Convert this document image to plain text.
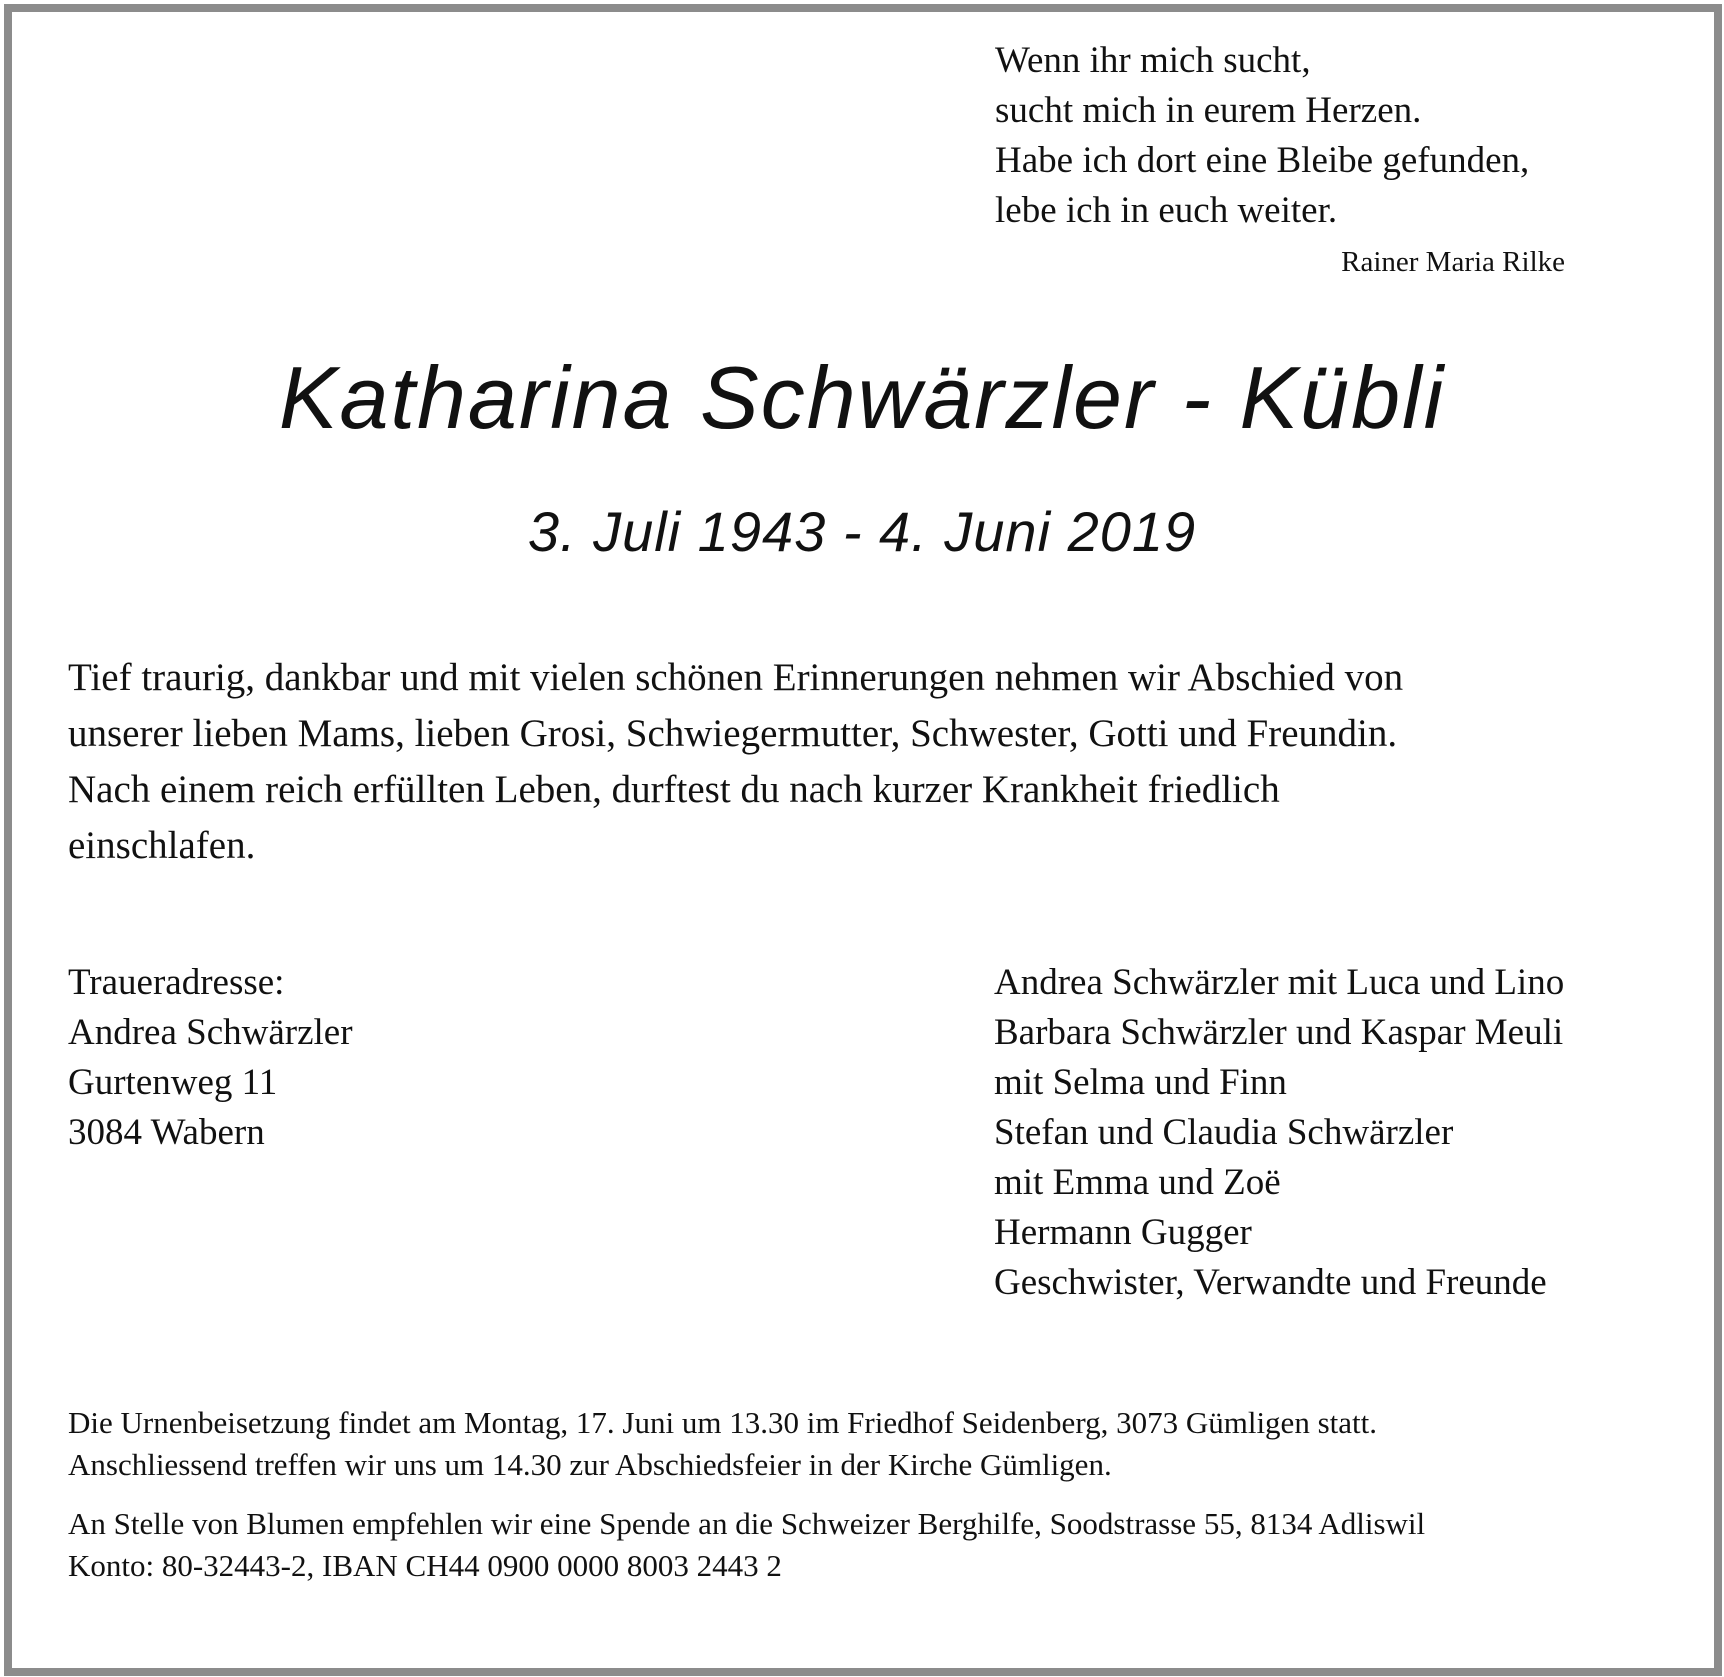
Wenn ihr mich sucht,
sucht mich in eurem Herzen.
Habe ich dort eine Bleibe gefunden,
lebe ich in euch weiter.
Rainer Maria Rilke
Katharina Schwärzler - Kübli
3. Juli 1943 - 4. Juni 2019
Tief traurig, dankbar und mit vielen schönen Erinnerungen nehmen wir Abschied von
unserer lieben Mams, lieben Grosi, Schwiegermutter, Schwester, Gotti und Freundin.
Nach einem reich erfüllten Leben, durftest du nach kurzer Krankheit friedlich
einschlafen.
Traueradresse:
Andrea Schwärzler
Gurtenweg 11
3084 Wabern
Andrea Schwärzler mit Luca und Lino
Barbara Schwärzler und Kaspar Meuli
mit Selma und Finn
Stefan und Claudia Schwärzler
mit Emma und Zoë
Hermann Gugger
Geschwister, Verwandte und Freunde
Die Urnenbeisetzung findet am Montag, 17. Juni um 13.30 im Friedhof Seidenberg, 3073 Gümligen statt.
Anschliessend treffen wir uns um 14.30 zur Abschiedsfeier in der Kirche Gümligen.
An Stelle von Blumen empfehlen wir eine Spende an die Schweizer Berghilfe, Soodstrasse 55, 8134 Adliswil
Konto: 80-32443-2, IBAN CH44 0900 0000 8003 2443 2
